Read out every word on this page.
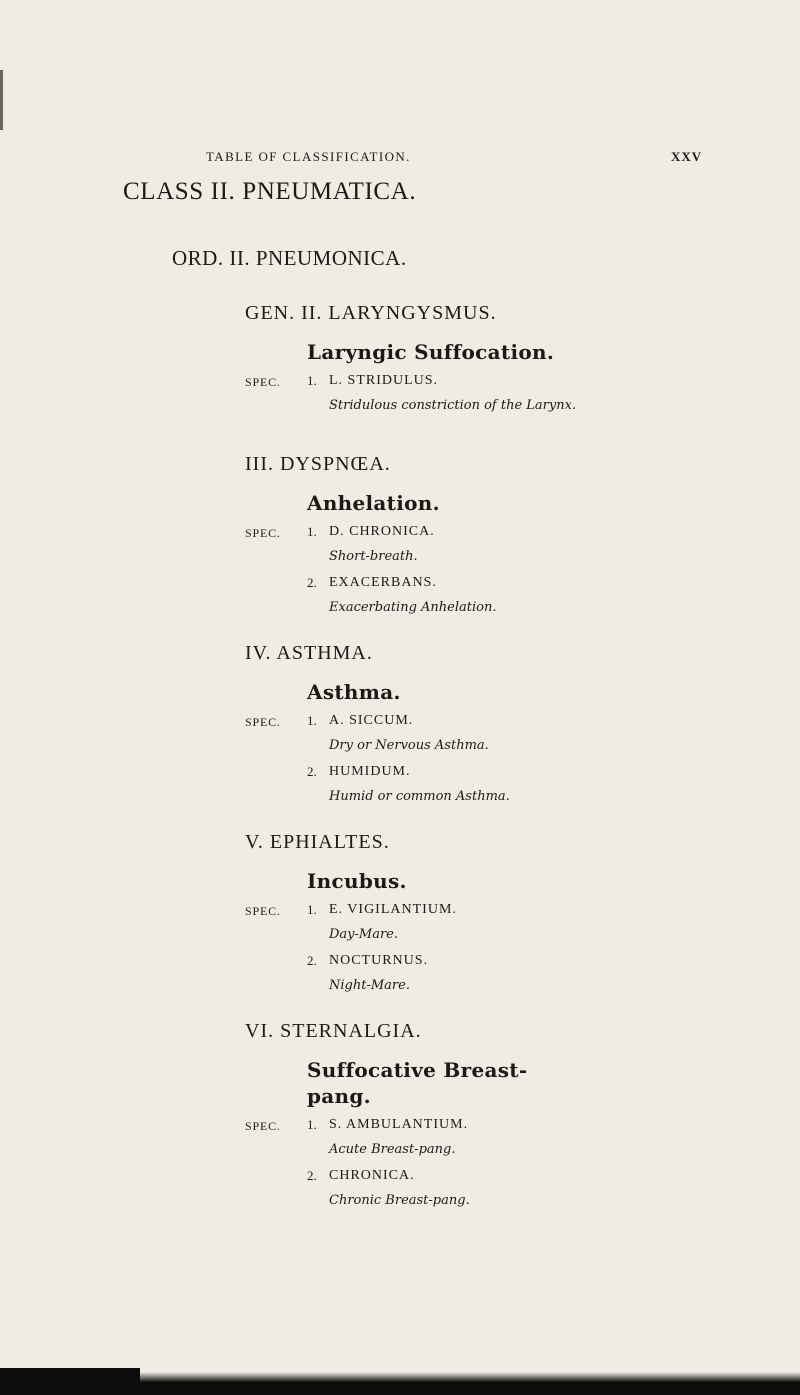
TABLE OF CLASSIFICATION.	XXV
CLASS II. PNEUMATICA.
ORD. II. PNEUMONICA.
GEN. II. LARYNGYSMUS.
Laryngic Suffocation.
SPEC. 1. L. STRIDULUS.
Stridulous constriction of the Larynx.
III. DYSPNŒA.
Anhelation.
SPEC. 1. D. CHRONICA.
Short-breath.
2. EXACERBANS.
Exacerbating Anhelation.
IV. ASTHMA.
Asthma.
SPEC. 1. A. SICCUM.
Dry or Nervous Asthma.
2. HUMIDUM.
Humid or common Asthma.
V. EPHIALTES.
Incubus.
SPEC. 1. E. VIGILANTIUM.
Day-Mare.
2. NOCTURNUS.
Night-Mare.
VI. STERNALGIA.
Suffocative Breast-pang.
SPEC. 1. S. AMBULANTIUM.
Acute Breast-pang.
2. CHRONICA.
Chronic Breast-pang.
